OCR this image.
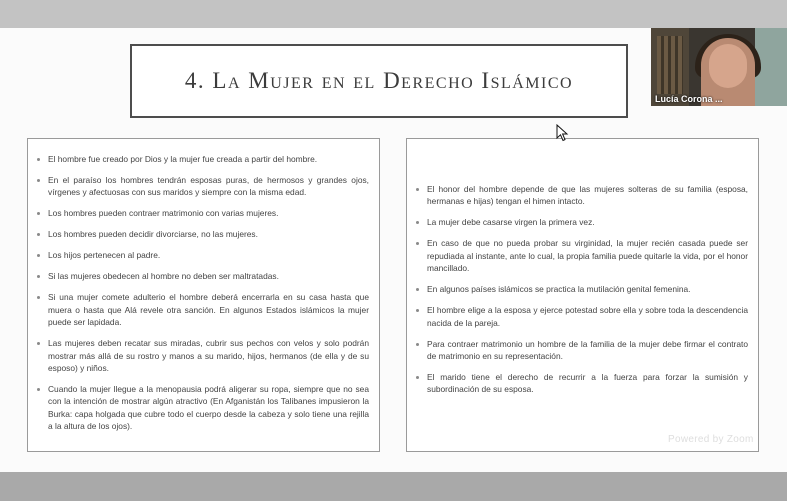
4. La Mujer en el Derecho Islámico
El hombre fue creado por Dios y la mujer fue creada a partir del hombre.
En el paraíso los hombres tendrán esposas puras, de hermosos y grandes ojos, vírgenes y afectuosas con sus maridos y siempre con la misma edad.
Los hombres pueden contraer matrimonio con varias mujeres.
Los hombres pueden decidir divorciarse, no las mujeres.
Los hijos pertenecen al padre.
Si las mujeres obedecen al hombre no deben ser maltratadas.
Si una mujer comete adulterio el hombre deberá encerrarla en su casa hasta que muera o hasta que Alá revele otra sanción. En algunos Estados islámicos la mujer puede ser lapidada.
Las mujeres deben recatar sus miradas, cubrir sus pechos con velos y solo podrán mostrar más allá de su rostro y manos a su marido, hijos, hermanos (de ella y de su esposo) y niños.
Cuando la mujer llegue a la menopausia podrá aligerar su ropa, siempre que no sea con la intención de mostrar algún atractivo (En Afganistán los Talibanes impusieron la Burka: capa holgada que cubre todo el cuerpo desde la cabeza y solo tiene una rejilla a la altura de los ojos).
El honor del hombre depende de que las mujeres solteras de su familia (esposa, hermanas e hijas) tengan el himen intacto.
La mujer debe casarse virgen la primera vez.
En caso de que no pueda probar su virginidad, la mujer recién casada puede ser repudiada al instante, ante lo cual, la propia familia puede quitarle la vida, por el honor mancillado.
En algunos países islámicos se practica la mutilación genital femenina.
El hombre elige a la esposa y ejerce potestad sobre ella y sobre toda la descendencia nacida de la pareja.
Para contraer matrimonio un hombre de la familia de la mujer debe firmar el contrato de matrimonio en su representación.
El marido tiene el derecho de recurrir a la fuerza para forzar la sumisión y subordinación de su esposa.
Lucía Corona ...
Powered by Zoom
